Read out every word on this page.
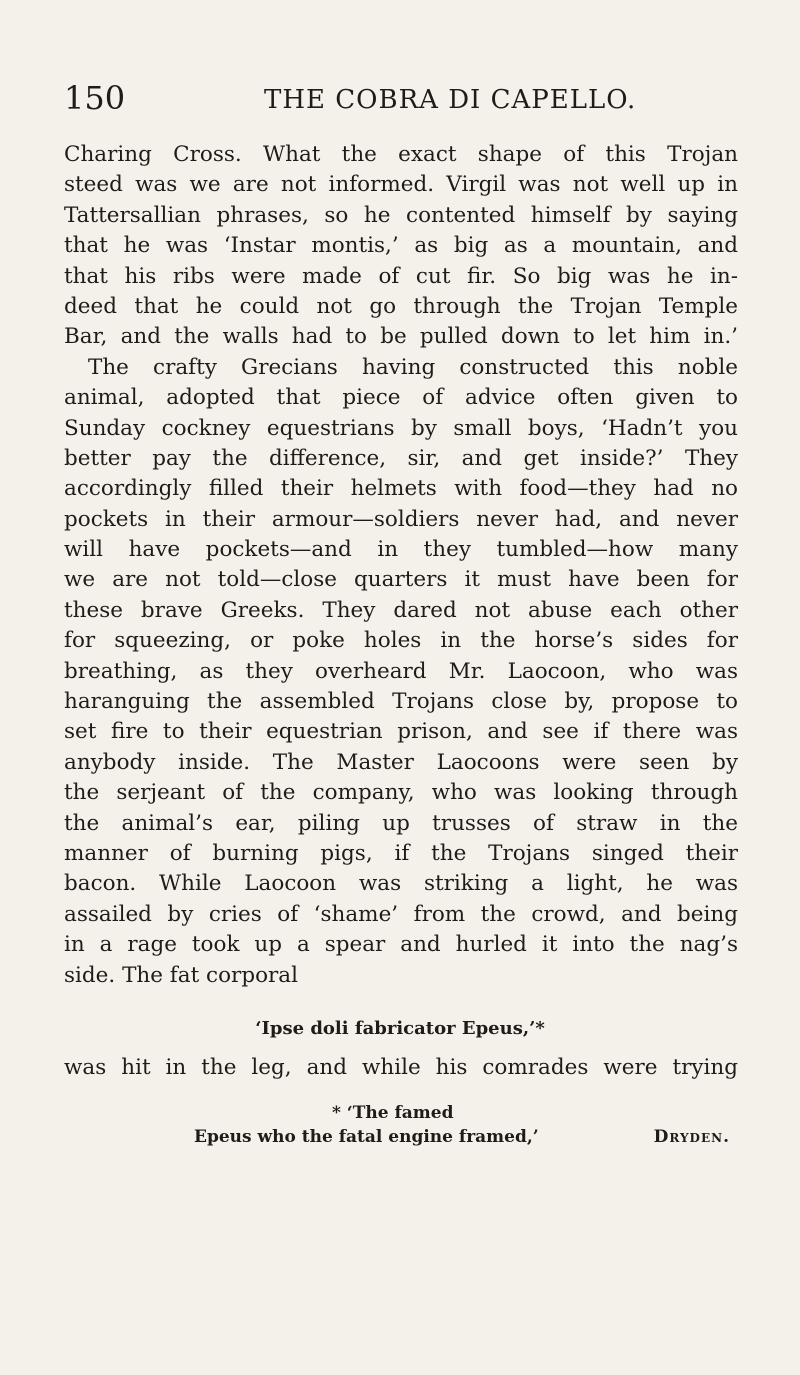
150	THE COBRA DI CAPELLO.
Charing Cross. What the exact shape of this Trojan
steed was we are not informed. Virgil was not well up in
Tattersallian phrases, so he contented himself by saying
that he was ‘Instar montis,’ as big as a mountain, and
that his ribs were made of cut fir. So big was he in-
deed that he could not go through the Trojan Temple
Bar, and the walls had to be pulled down to let him in.’
The crafty Grecians having constructed this noble
animal, adopted that piece of advice often given to
Sunday cockney equestrians by small boys, ‘Hadn’t you
better pay the difference, sir, and get inside?’ They
accordingly filled their helmets with food—they had no
pockets in their armour—soldiers never had, and never
will have pockets—and in they tumbled—how many
we are not told—close quarters it must have been for
these brave Greeks. They dared not abuse each other
for squeezing, or poke holes in the horse’s sides for
breathing, as they overheard Mr. Laocoon, who was
haranguing the assembled Trojans close by, propose to
set fire to their equestrian prison, and see if there was
anybody inside. The Master Laocoons were seen by
the serjeant of the company, who was looking through
the animal’s ear, piling up trusses of straw in the
manner of burning pigs, if the Trojans singed their
bacon. While Laocoon was striking a light, he was
assailed by cries of ‘shame’ from the crowd, and being
in a rage took up a spear and hurled it into the nag’s
side. The fat corporal
‘Ipse doli fabricator Epeus,’*
was hit in the leg, and while his comrades were trying
* ‘The famed
Epeus who the fatal engine framed,’	Dryden.
